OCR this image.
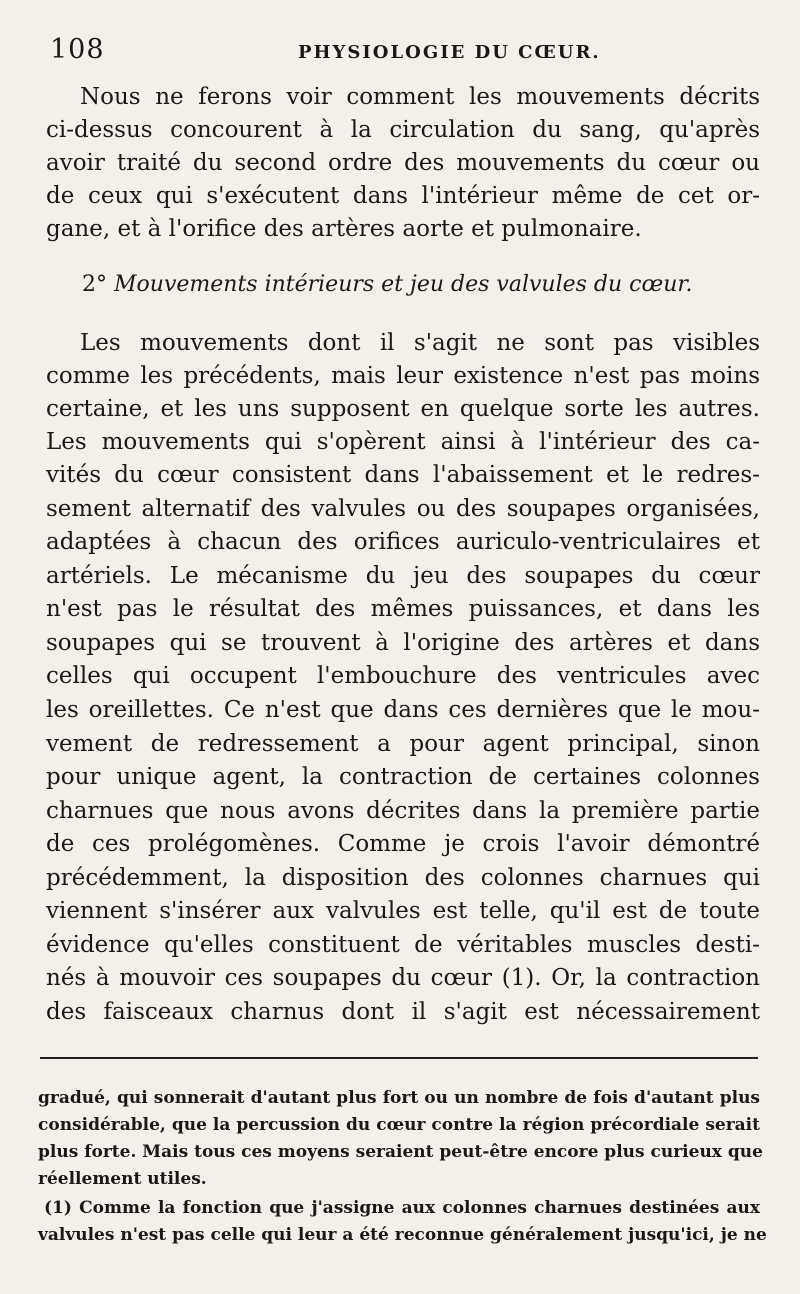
108	PHYSIOLOGIE DU CŒUR.
Nous ne ferons voir comment les mouvements décrits
ci-dessus concourent à la circulation du sang, qu'après
avoir traité du second ordre des mouvements du cœur ou
de ceux qui s'exécutent dans l'intérieur même de cet or-
gane, et à l'orifice des artères aorte et pulmonaire.
2° Mouvements intérieurs et jeu des valvules du cœur.
Les mouvements dont il s'agit ne sont pas visibles
comme les précédents, mais leur existence n'est pas moins
certaine, et les uns supposent en quelque sorte les autres.
Les mouvements qui s'opèrent ainsi à l'intérieur des ca-
vités du cœur consistent dans l'abaissement et le redres-
sement alternatif des valvules ou des soupapes organisées,
adaptées à chacun des orifices auriculo-ventriculaires et
artériels. Le mécanisme du jeu des soupapes du cœur
n'est pas le résultat des mêmes puissances, et dans les
soupapes qui se trouvent à l'origine des artères et dans
celles qui occupent l'embouchure des ventricules avec
les oreillettes. Ce n'est que dans ces dernières que le mou-
vement de redressement a pour agent principal, sinon
pour unique agent, la contraction de certaines colonnes
charnues que nous avons décrites dans la première partie
de ces prolégomènes. Comme je crois l'avoir démontré
précédemment, la disposition des colonnes charnues qui
viennent s'insérer aux valvules est telle, qu'il est de toute
évidence qu'elles constituent de véritables muscles desti-
nés à mouvoir ces soupapes du cœur (1). Or, la contraction
des faisceaux charnus dont il s'agit est nécessairement
gradué, qui sonnerait d'autant plus fort ou un nombre de fois d'autant plus
considérable, que la percussion du cœur contre la région précordiale serait
plus forte. Mais tous ces moyens seraient peut-être encore plus curieux que
réellement utiles.
(1) Comme la fonction que j'assigne aux colonnes charnues destinées aux
valvules n'est pas celle qui leur a été reconnue généralement jusqu'ici, je ne
